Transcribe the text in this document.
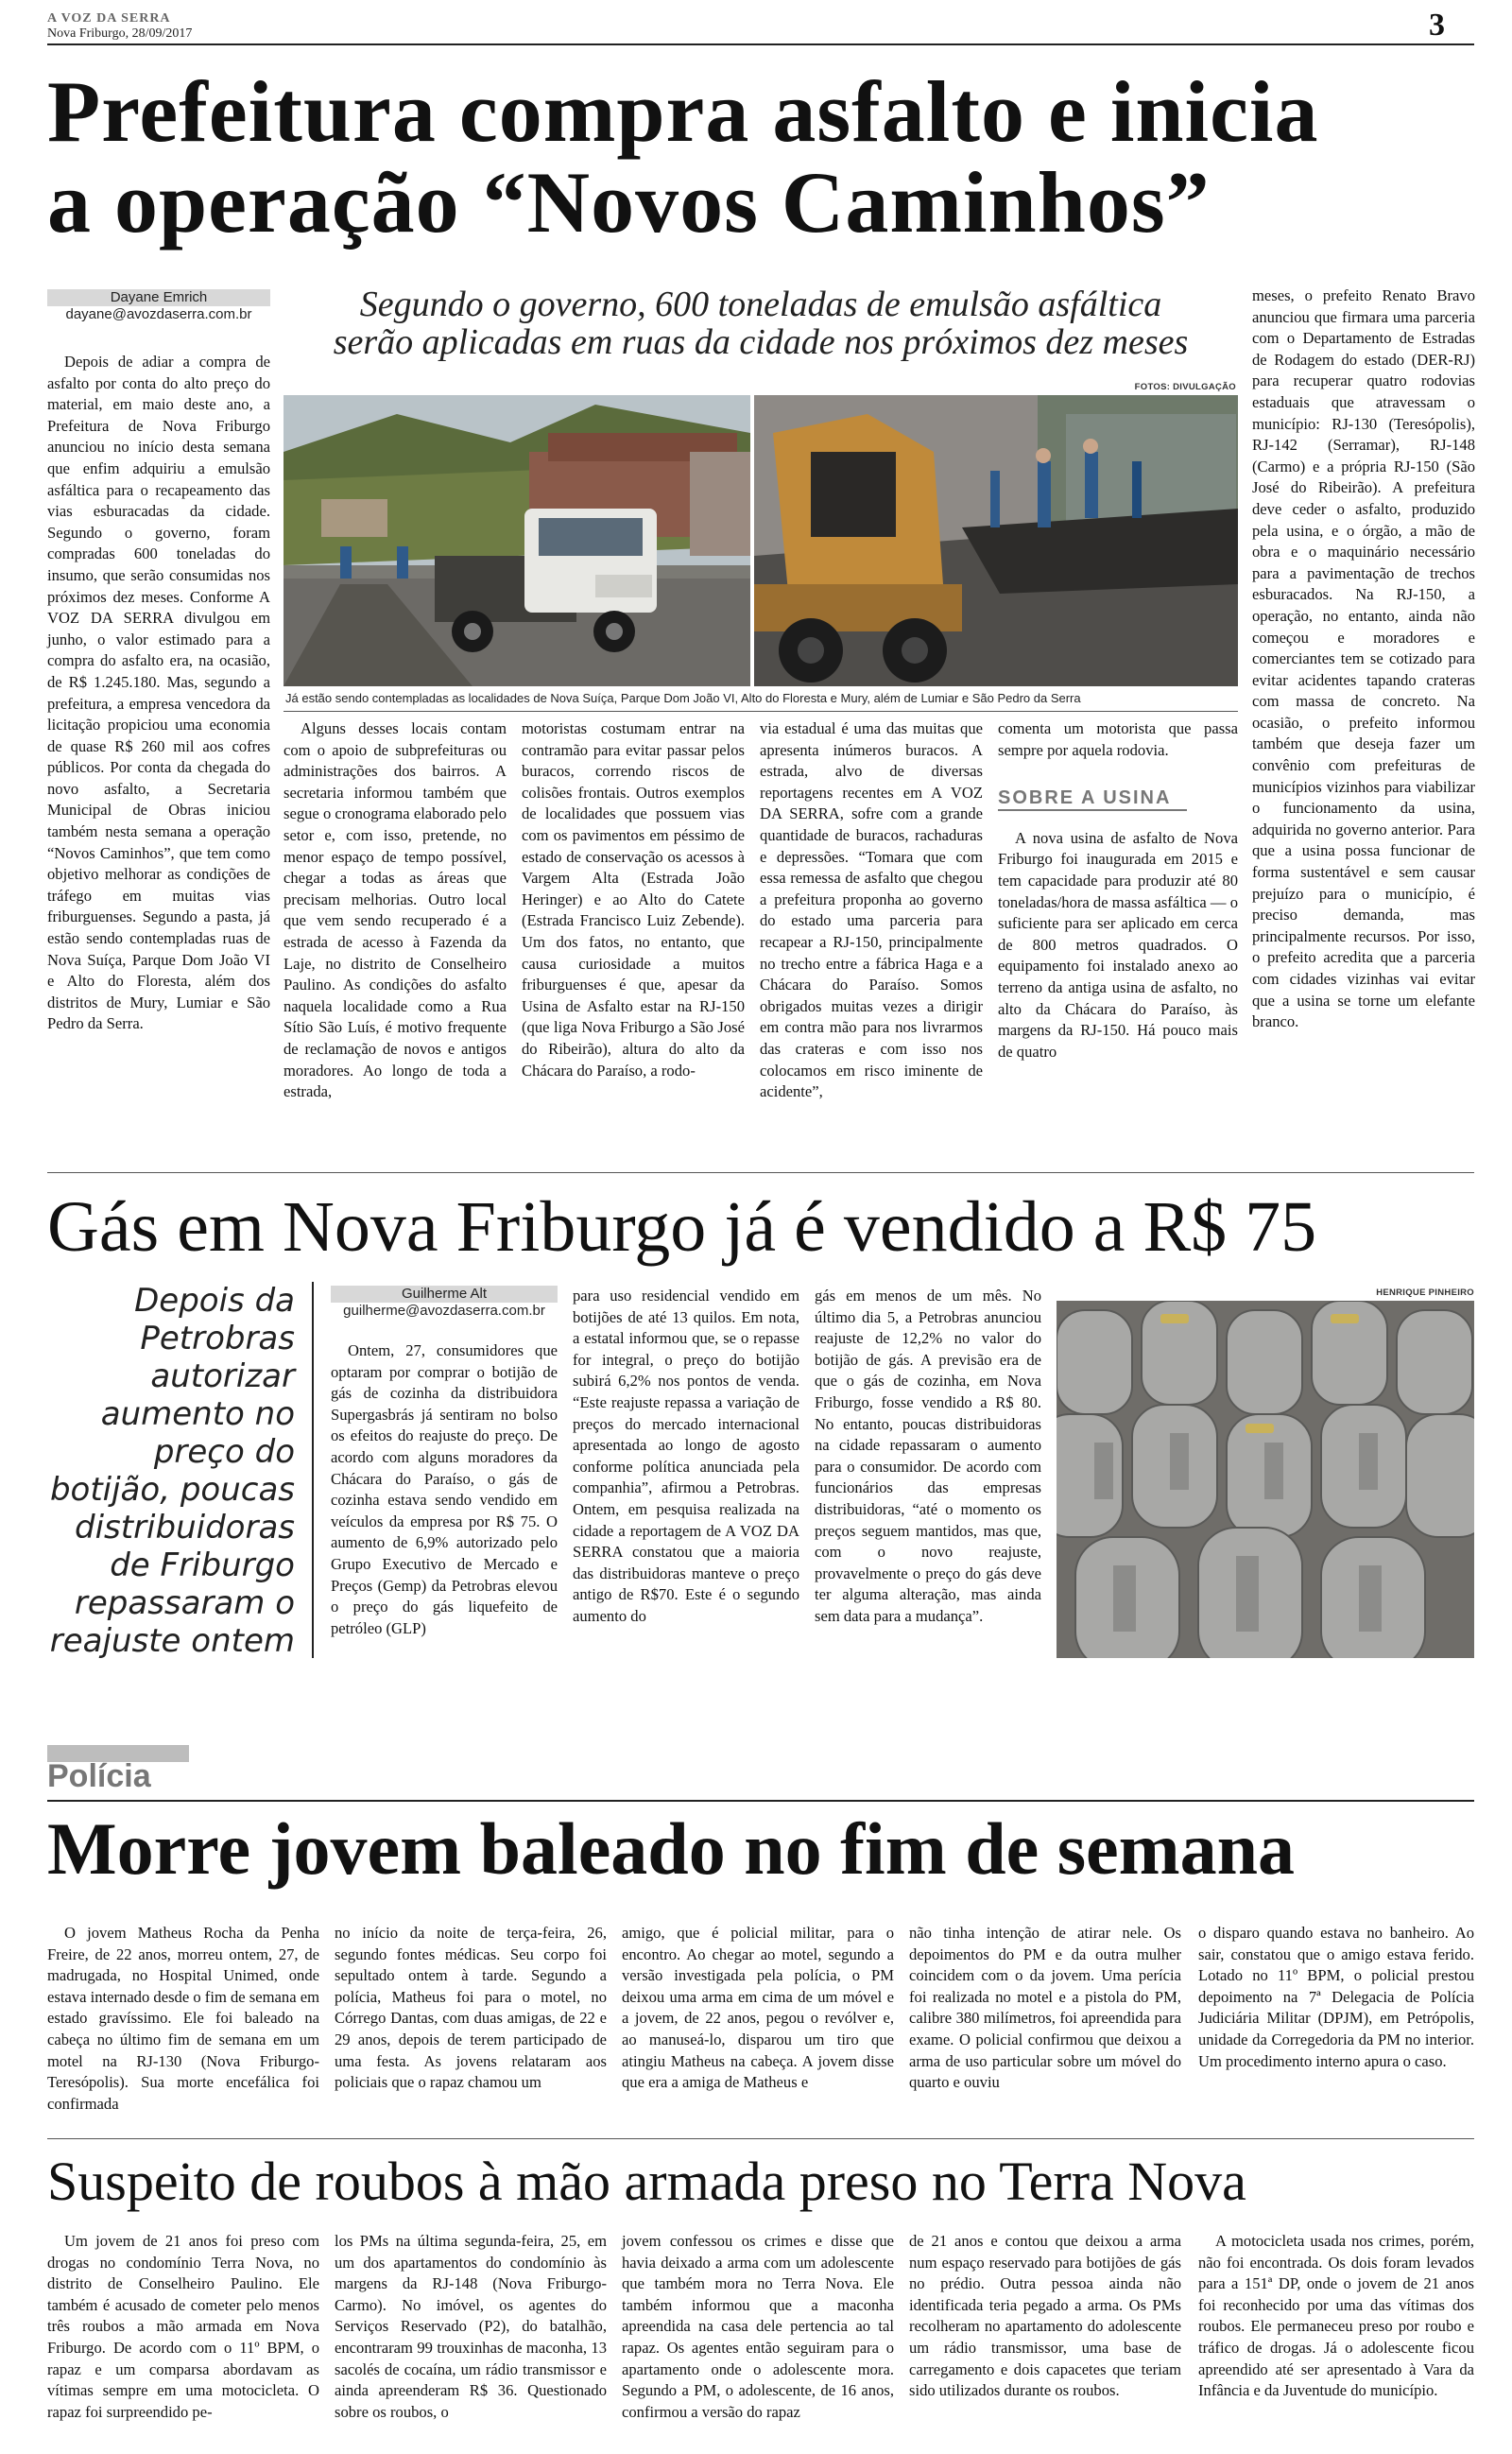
A VOZ DA SERRA
Nova Friburgo, 28/09/2017	3
Prefeitura compra asfalto e inicia
a operação “Novos Caminhos”
Dayane Emrich
dayane@avozdaserra.com.br	Segundo o governo, 600 toneladas de emulsão asfáltica
serão aplicadas em ruas da cidade nos próximos dez meses
FOTOS: DIVULGAÇÃO
Já estão sendo contempladas as localidades de Nova Suíça, Parque Dom João VI, Alto do Floresta e Mury, além de Lumiar e São Pedro da Serra

Depois de adiar a compra de asfalto por conta do alto preço do material, em maio deste ano, a Prefeitura de Nova Friburgo anunciou no início desta semana que enfim adquiriu a emulsão asfáltica para o recapeamento das vias esburacadas da cidade. Segundo o governo, foram compradas 600 toneladas do insumo, que serão consumidas nos próximos dez meses. Conforme A VOZ DA SERRA divulgou em junho, o valor estimado para a compra do asfalto era, na ocasião, de R$ 1.245.180. Mas, segundo a prefeitura, a empresa vencedora da licitação propiciou uma economia de quase R$ 260 mil aos cofres públicos. Por conta da chegada do novo asfalto, a Secretaria Municipal de Obras iniciou também nesta semana a operação “Novos Caminhos”, que tem como objetivo melhorar as condições de tráfego em muitas vias friburguenses. Segundo a pasta, já estão sendo contempladas ruas de Nova Suíça, Parque Dom João VI e Alto do Floresta, além dos distritos de Mury, Lumiar e São Pedro da Serra.

Alguns desses locais contam com o apoio de subprefeituras ou administrações dos bairros. A secretaria informou também que segue o cronograma elaborado pelo setor e, com isso, pretende, no menor espaço de tempo possível, chegar a todas as áreas que precisam melhorias. Outro local que vem sendo recuperado é a estrada de acesso à Fazenda da Laje, no distrito de Conselheiro Paulino. As condições do asfalto naquela localidade como a Rua Sítio São Luís, é motivo frequente de reclamação de novos e antigos moradores. Ao longo de toda a estrada,

motoristas costumam entrar na contramão para evitar passar pelos buracos, correndo riscos de colisões frontais. Outros exemplos de localidades que possuem vias com os pavimentos em péssimo de estado de conservação os acessos à Vargem Alta (Estrada João Heringer) e ao Alto do Catete (Estrada Francisco Luiz Zebende). Um dos fatos, no entanto, que causa curiosidade a muitos friburguenses é que, apesar da Usina de Asfalto estar na RJ-150 (que liga Nova Friburgo a São José do Ribeirão), altura do alto da Chácara do Paraíso, a rodo-

via estadual é uma das muitas que apresenta inúmeros buracos. A estrada, alvo de diversas reportagens recentes em A VOZ DA SERRA, sofre com a grande quantidade de buracos, rachaduras e depressões. “Tomara que com essa remessa de asfalto que chegou a prefeitura proponha ao governo do estado uma parceria para recapear a RJ-150, principalmente no trecho entre a fábrica Haga e a Chácara do Paraíso. Somos obrigados muitas vezes a dirigir em contra mão para nos livrarmos das crateras e com isso nos colocamos em risco iminente de acidente”,

comenta um motorista que passa sempre por aquela rodovia.

SOBRE A USINA

A nova usina de asfalto de Nova Friburgo foi inaugurada em 2015 e tem capacidade para produzir até 80 toneladas/hora de massa asfáltica — o suficiente para ser aplicado em cerca de 800 metros quadrados. O equipamento foi instalado anexo ao terreno da antiga usina de asfalto, no alto da Chácara do Paraíso, às margens da RJ-150. Há pouco mais de quatro

meses, o prefeito Renato Bravo anunciou que firmara uma parceria com o Departamento de Estradas de Rodagem do estado (DER-RJ) para recuperar quatro rodovias estaduais que atravessam o município: RJ-130 (Teresópolis), RJ-142 (Serramar), RJ-148 (Carmo) e a própria RJ-150 (São José do Ribeirão). A prefeitura deve ceder o asfalto, produzido pela usina, e o órgão, a mão de obra e o maquinário necessário para a pavimentação de trechos esburacados. Na RJ-150, a operação, no entanto, ainda não começou e moradores e comerciantes tem se cotizado para evitar acidentes tapando crateras com massa de concreto. Na ocasião, o prefeito informou também que deseja fazer um convênio com prefeituras de municípios vizinhos para viabilizar o funcionamento da usina, adquirida no governo anterior. Para que a usina possa funcionar de forma sustentável e sem causar prejuízo para o município, é preciso demanda, mas principalmente recursos. Por isso, o prefeito acredita que a parceria com cidades vizinhas vai evitar que a usina se torne um elefante branco.

Gás em Nova Friburgo já é vendido a R$ 75
Depois da Petrobras autorizar aumento no preço do botijão, poucas distribuidoras de Friburgo repassaram o reajuste ontem
Guilherme Alt
guilherme@avozdaserra.com.br

Ontem, 27, consumidores que optaram por comprar o botijão de gás de cozinha da distribuidora Supergasbrás já sentiram no bolso os efeitos do reajuste do preço. De acordo com alguns moradores da Chácara do Paraíso, o gás de cozinha estava sendo vendido em veículos da empresa por R$ 75. O aumento de 6,9% autorizado pelo Grupo Executivo de Mercado e Preços (Gemp) da Petrobras elevou o preço do gás liquefeito de petróleo (GLP)

para uso residencial vendido em botijões de até 13 quilos. Em nota, a estatal informou que, se o repasse for integral, o preço do botijão subirá 6,2% nos pontos de venda. “Este reajuste repassa a variação de preços do mercado internacional apresentada ao longo de agosto conforme política anunciada pela companhia”, afirmou a Petrobras. Ontem, em pesquisa realizada na cidade a reportagem de A VOZ DA SERRA constatou que a maioria das distribuidoras manteve o preço antigo de R$70. Este é o segundo aumento do

gás em menos de um mês. No último dia 5, a Petrobras anunciou reajuste de 12,2% no valor do botijão de gás. A previsão era de que o gás de cozinha, em Nova Friburgo, fosse vendido a R$ 80. No entanto, poucas distribuidoras na cidade repassaram o aumento para o consumidor. De acordo com funcionários das empresas distribuidoras, “até o momento os preços seguem mantidos, mas que, com o novo reajuste, provavelmente o preço do gás deve ter alguma alteração, mas ainda sem data para a mudança”.

HENRIQUE PINHEIRO
Polícia
Morre jovem baleado no fim de semana

O jovem Matheus Rocha da Penha Freire, de 22 anos, morreu ontem, 27, de madrugada, no Hospital Unimed, onde estava internado desde o fim de semana em estado gravíssimo. Ele foi baleado na cabeça no último fim de semana em um motel na RJ-130 (Nova Friburgo-Teresópolis). Sua morte encefálica foi confirmada

no início da noite de terça-feira, 26, segundo fontes médicas. Seu corpo foi sepultado ontem à tarde. Segundo a polícia, Matheus foi para o motel, no Córrego Dantas, com duas amigas, de 22 e 29 anos, depois de terem participado de uma festa. As jovens relataram aos policiais que o rapaz chamou um

amigo, que é policial militar, para o encontro. Ao chegar ao motel, segundo a versão investigada pela polícia, o PM deixou uma arma em cima de um móvel e a jovem, de 22 anos, pegou o revólver e, ao manuseá-lo, disparou um tiro que atingiu Matheus na cabeça. A jovem disse que era a amiga de Matheus e

não tinha intenção de atirar nele. Os depoimentos do PM e da outra mulher coincidem com o da jovem. Uma perícia foi realizada no motel e a pistola do PM, calibre 380 milímetros, foi apreendida para exame. O policial confirmou que deixou a arma de uso particular sobre um móvel do quarto e ouviu

o disparo quando estava no banheiro. Ao sair, constatou que o amigo estava ferido. Lotado no 11º BPM, o policial prestou depoimento na 7ª Delegacia de Polícia Judiciária Militar (DPJM), em Petrópolis, unidade da Corregedoria da PM no interior. Um procedimento interno apura o caso.

Suspeito de roubos à mão armada preso no Terra Nova

Um jovem de 21 anos foi preso com drogas no condomínio Terra Nova, no distrito de Conselheiro Paulino. Ele também é acusado de cometer pelo menos três roubos a mão armada em Nova Friburgo. De acordo com o 11º BPM, o rapaz e um comparsa abordavam as vítimas sempre em uma motocicleta. O rapaz foi surpreendido pe-

los PMs na última segunda-feira, 25, em um dos apartamentos do condomínio às margens da RJ-148 (Nova Friburgo-Carmo). No imóvel, os agentes do Serviços Reservado (P2), do batalhão, encontraram 99 trouxinhas de maconha, 13 sacolés de cocaína, um rádio transmissor e ainda apreenderam R$ 36. Questionado sobre os roubos, o

jovem confessou os crimes e disse que havia deixado a arma com um adolescente que também mora no Terra Nova. Ele também informou que a maconha apreendida na casa dele pertencia ao tal rapaz. Os agentes então seguiram para o apartamento onde o adolescente mora. Segundo a PM, o adolescente, de 16 anos, confirmou a versão do rapaz

de 21 anos e contou que deixou a arma num espaço reservado para botijões de gás no prédio. Outra pessoa ainda não identificada teria pegado a arma. Os PMs recolheram no apartamento do adolescente um rádio transmissor, uma base de carregamento e dois capacetes que teriam sido utilizados durante os roubos.

A motocicleta usada nos crimes, porém, não foi encontrada. Os dois foram levados para a 151ª DP, onde o jovem de 21 anos foi reconhecido por uma das vítimas dos roubos. Ele permaneceu preso por roubo e tráfico de drogas. Já o adolescente ficou apreendido até ser apresentado à Vara da Infância e da Juventude do município.
